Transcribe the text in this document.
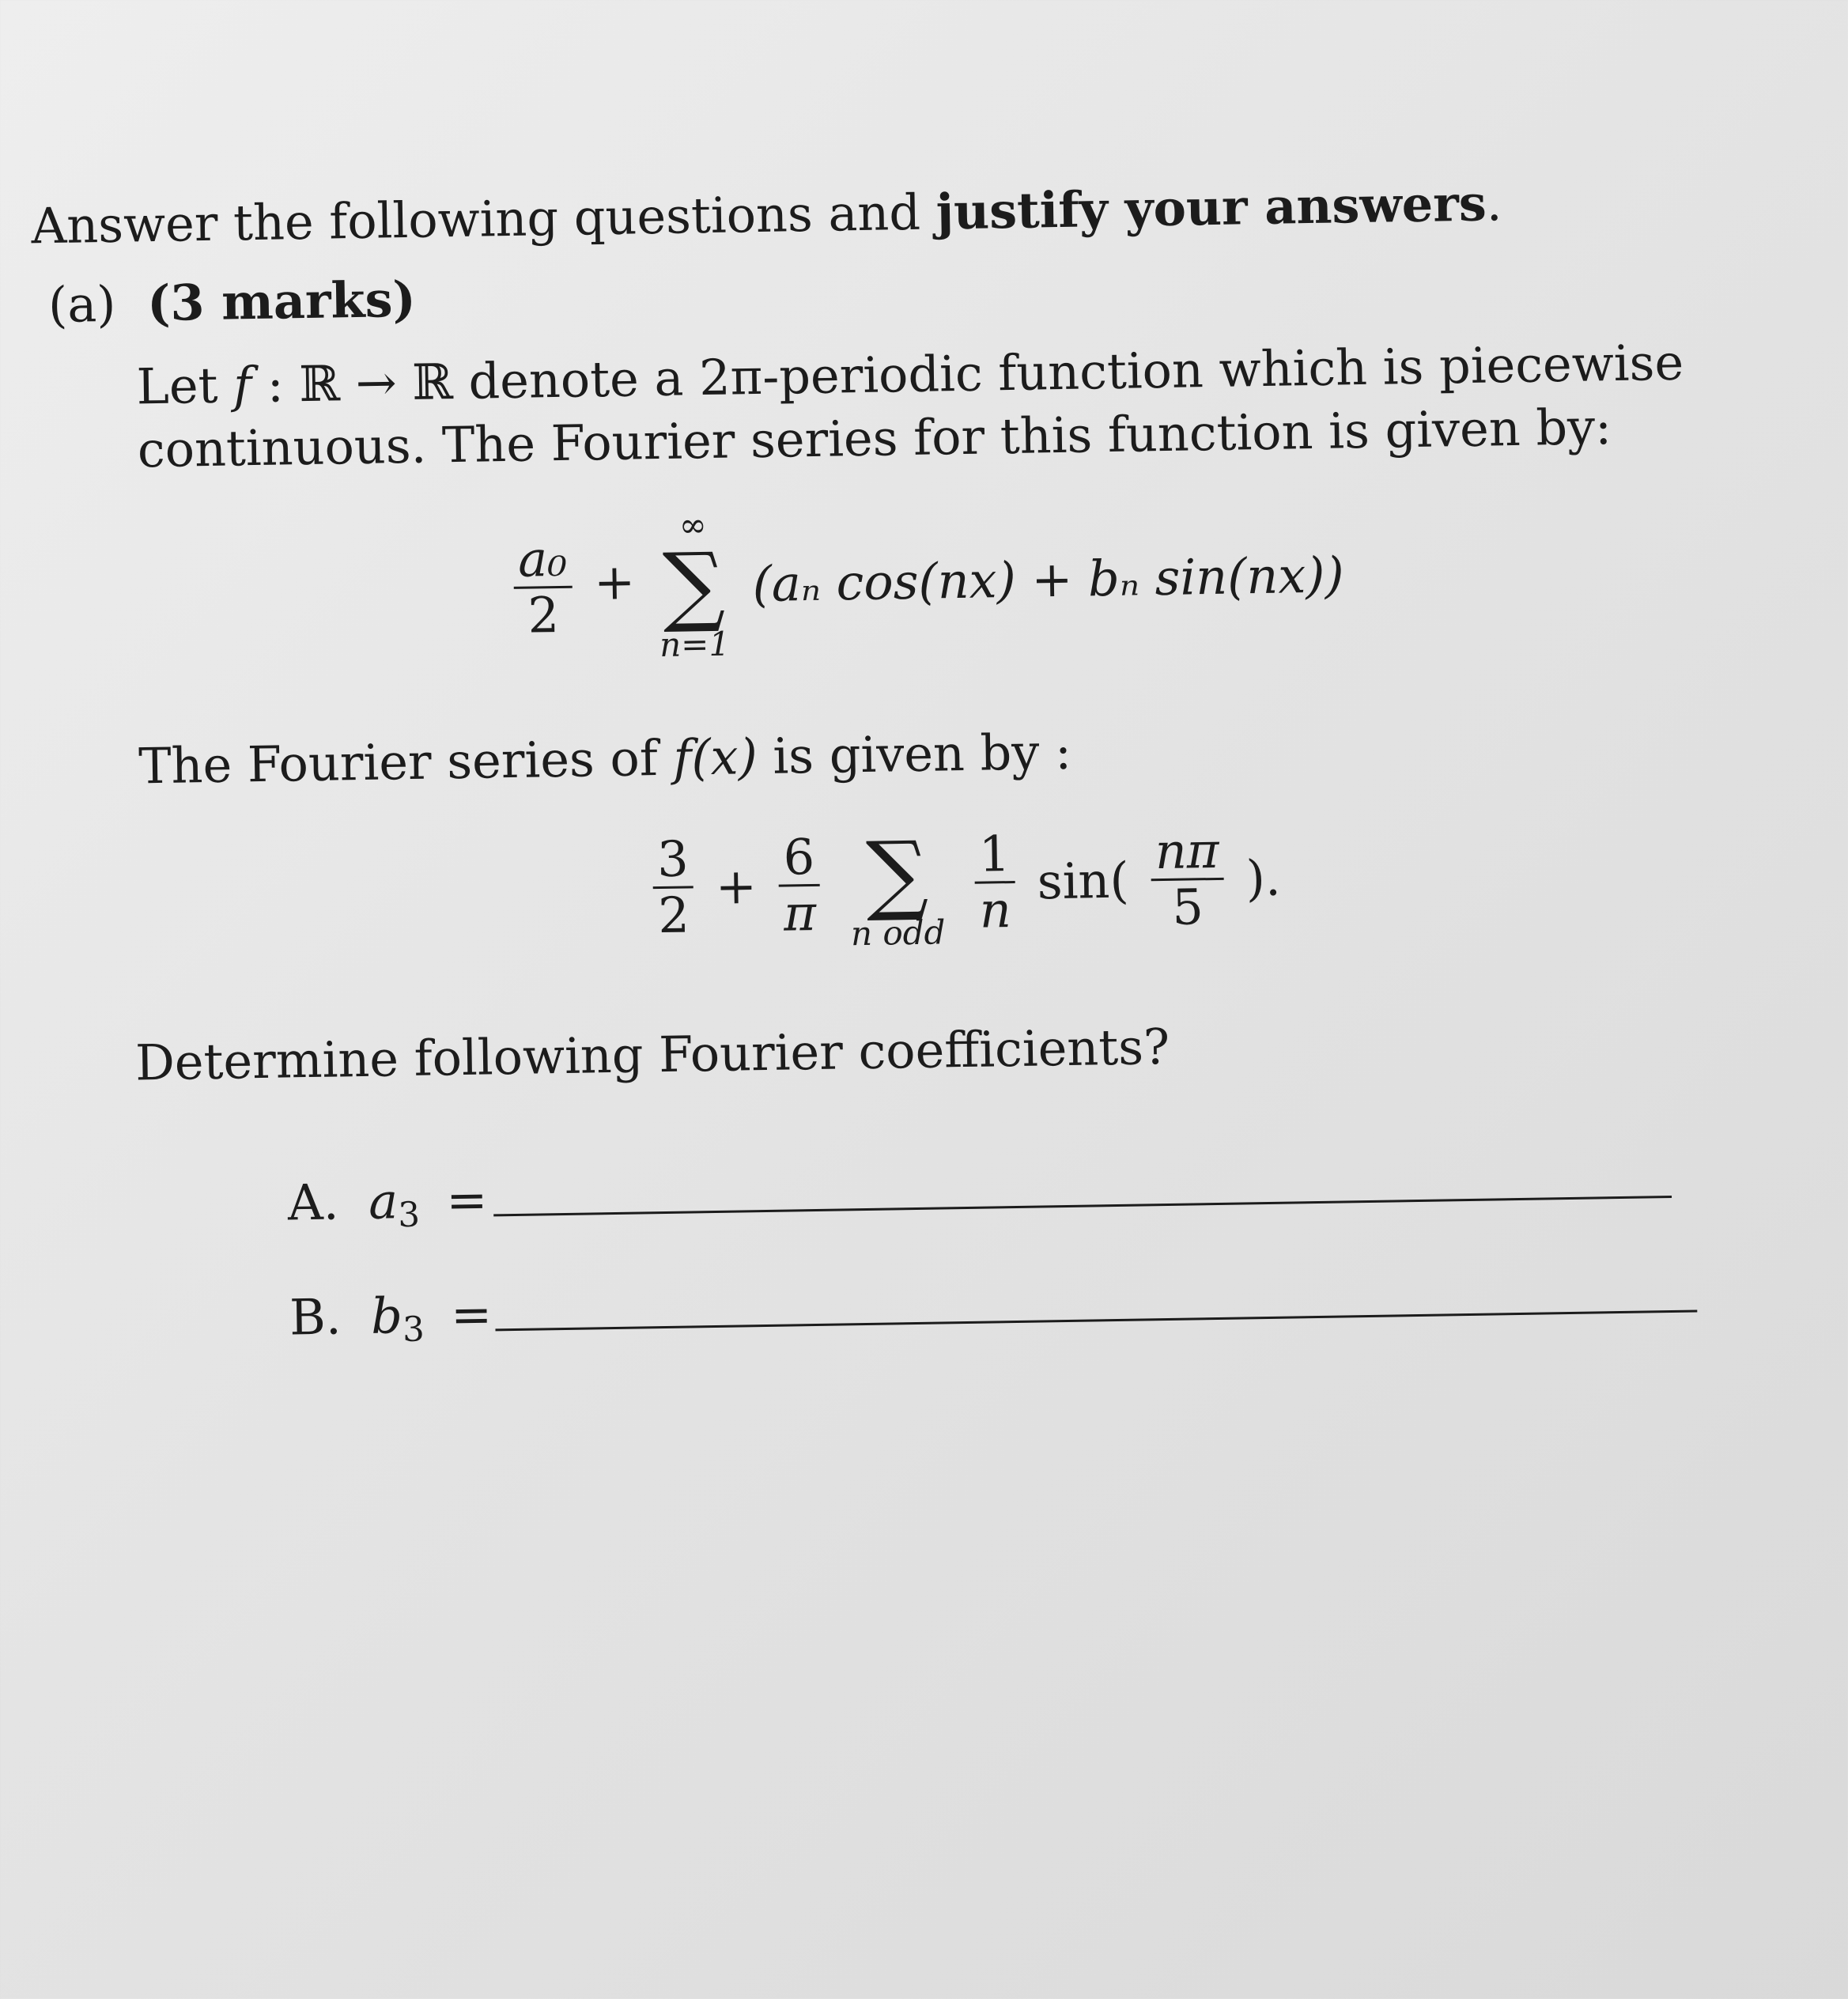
Answer the following questions and justify your answers.
(a) (3 marks)
Let f : ℝ → ℝ denote a 2π-periodic function which is piecewise
continuous. The Fourier series for this function is given by:
$\frac{\text{a₀}}{2}$ +
∞
∑
n=1
(aₙ cos(nx) + bₙ sin(nx))
The Fourier series of f(x) is given by :
$\frac{3}{2} + \frac{6}{\pi}$
∑
n odd
$\frac{1}{n} \sin( \frac{n\pi}{5}$ ).
Determine following Fourier coefficients?
A. $a_3$ =
B. $b_3$ =
